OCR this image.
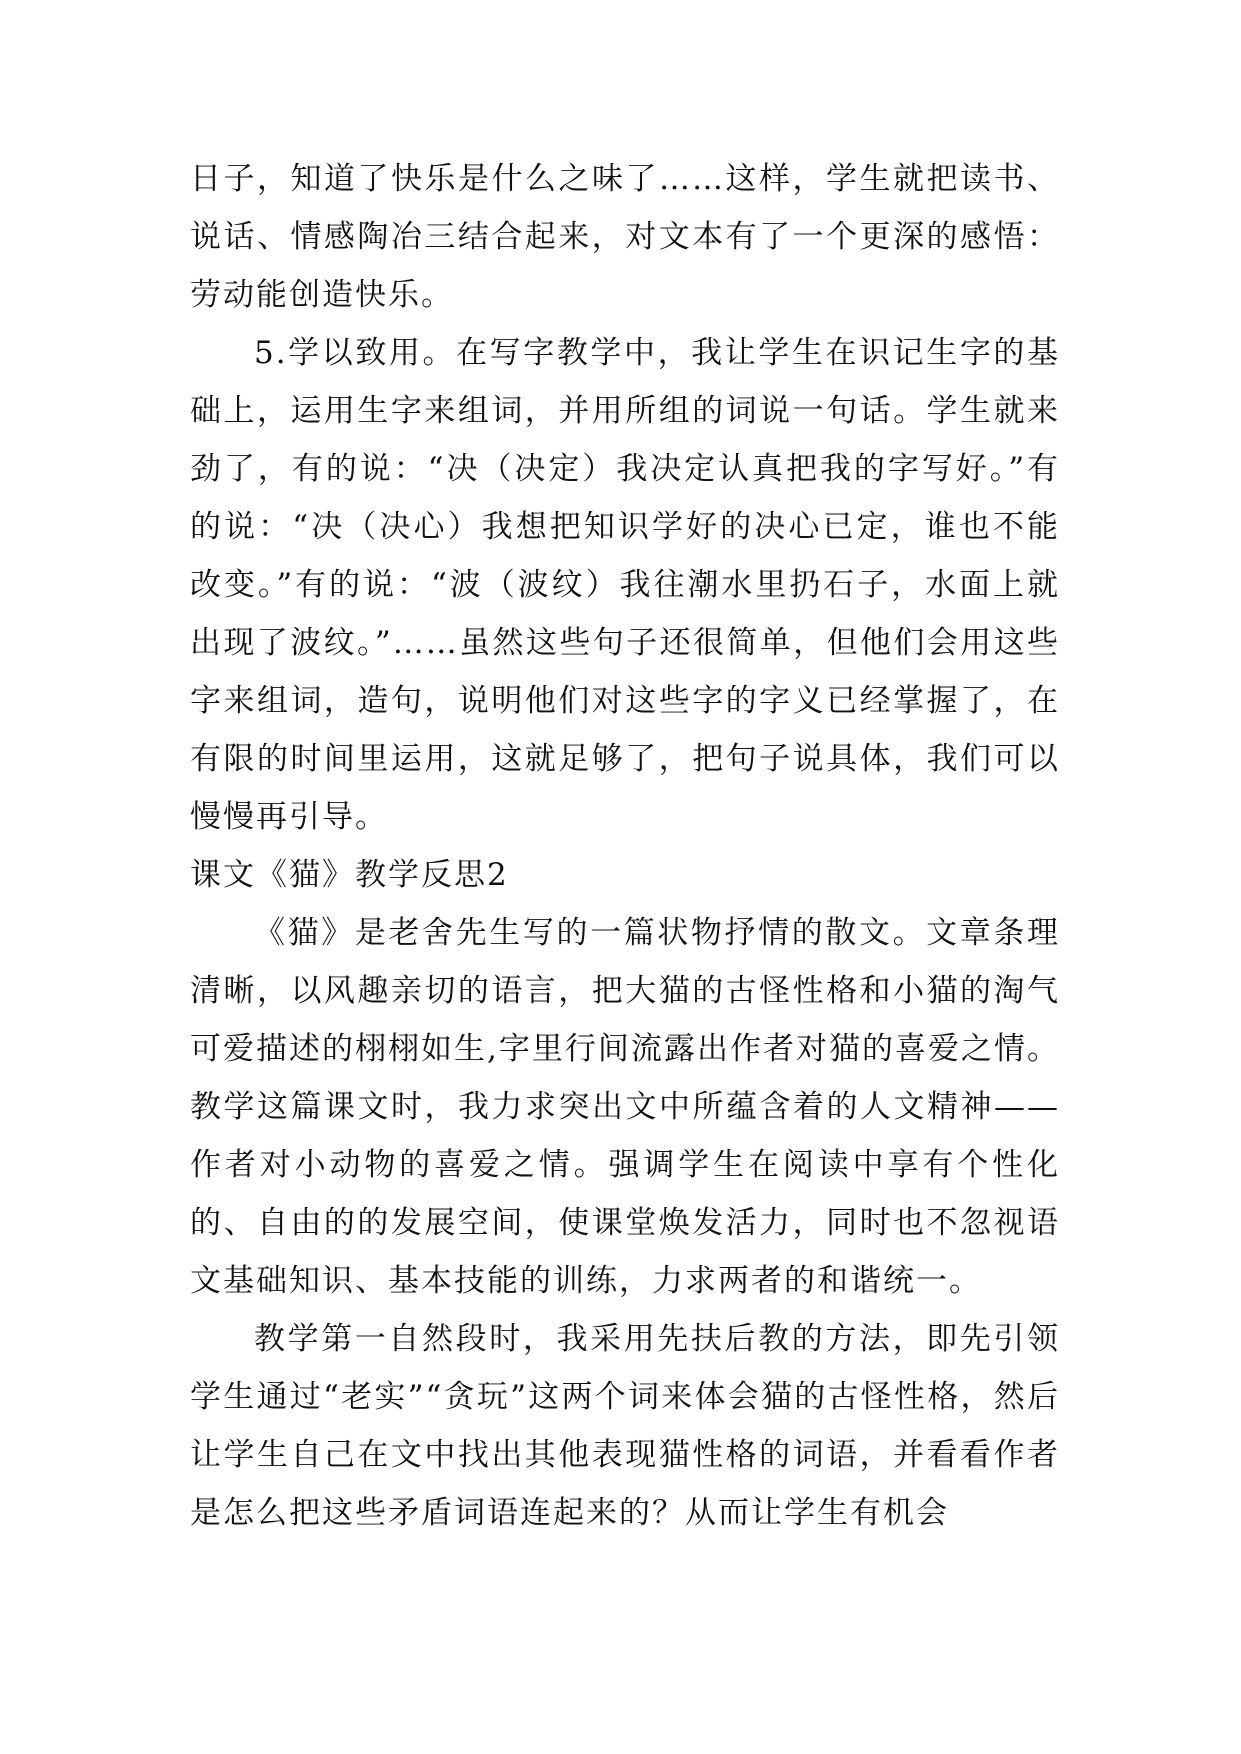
日子，知道了快乐是什么之味了……这样，学生就把读书、说话、情感陶冶三结合起来，对文本有了一个更深的感悟：劳动能创造快乐。

5.学以致用。在写字教学中，我让学生在识记生字的基础上，运用生字来组词，并用所组的词说一句话。学生就来劲了，有的说：“决（决定）我决定认真把我的字写好。”有的说：“决（决心）我想把知识学好的决心已定，谁也不能改变。”有的说：“波（波纹）我往潮水里扔石子，水面上就出现了波纹。”……虽然这些句子还很简单，但他们会用这些字来组词，造句，说明他们对这些字的字义已经掌握了，在有限的时间里运用，这就足够了，把句子说具体，我们可以慢慢再引导。

课文《猫》教学反思2

《猫》是老舍先生写的一篇状物抒情的散文。文章条理清晰，以风趣亲切的语言，把大猫的古怪性格和小猫的淘气可爱描述的栩栩如生,字里行间流露出作者对猫的喜爱之情。教学这篇课文时，我力求突出文中所蕴含着的人文精神——作者对小动物的喜爱之情。强调学生在阅读中享有个性化的、自由的的发展空间，使课堂焕发活力，同时也不忽视语文基础知识、基本技能的训练，力求两者的和谐统一。

教学第一自然段时，我采用先扶后教的方法，即先引领学生通过“老实”“贪玩”这两个词来体会猫的古怪性格，然后让学生自己在文中找出其他表现猫性格的词语，并看看作者是怎么把这些矛盾词语连起来的？从而让学生有机会
